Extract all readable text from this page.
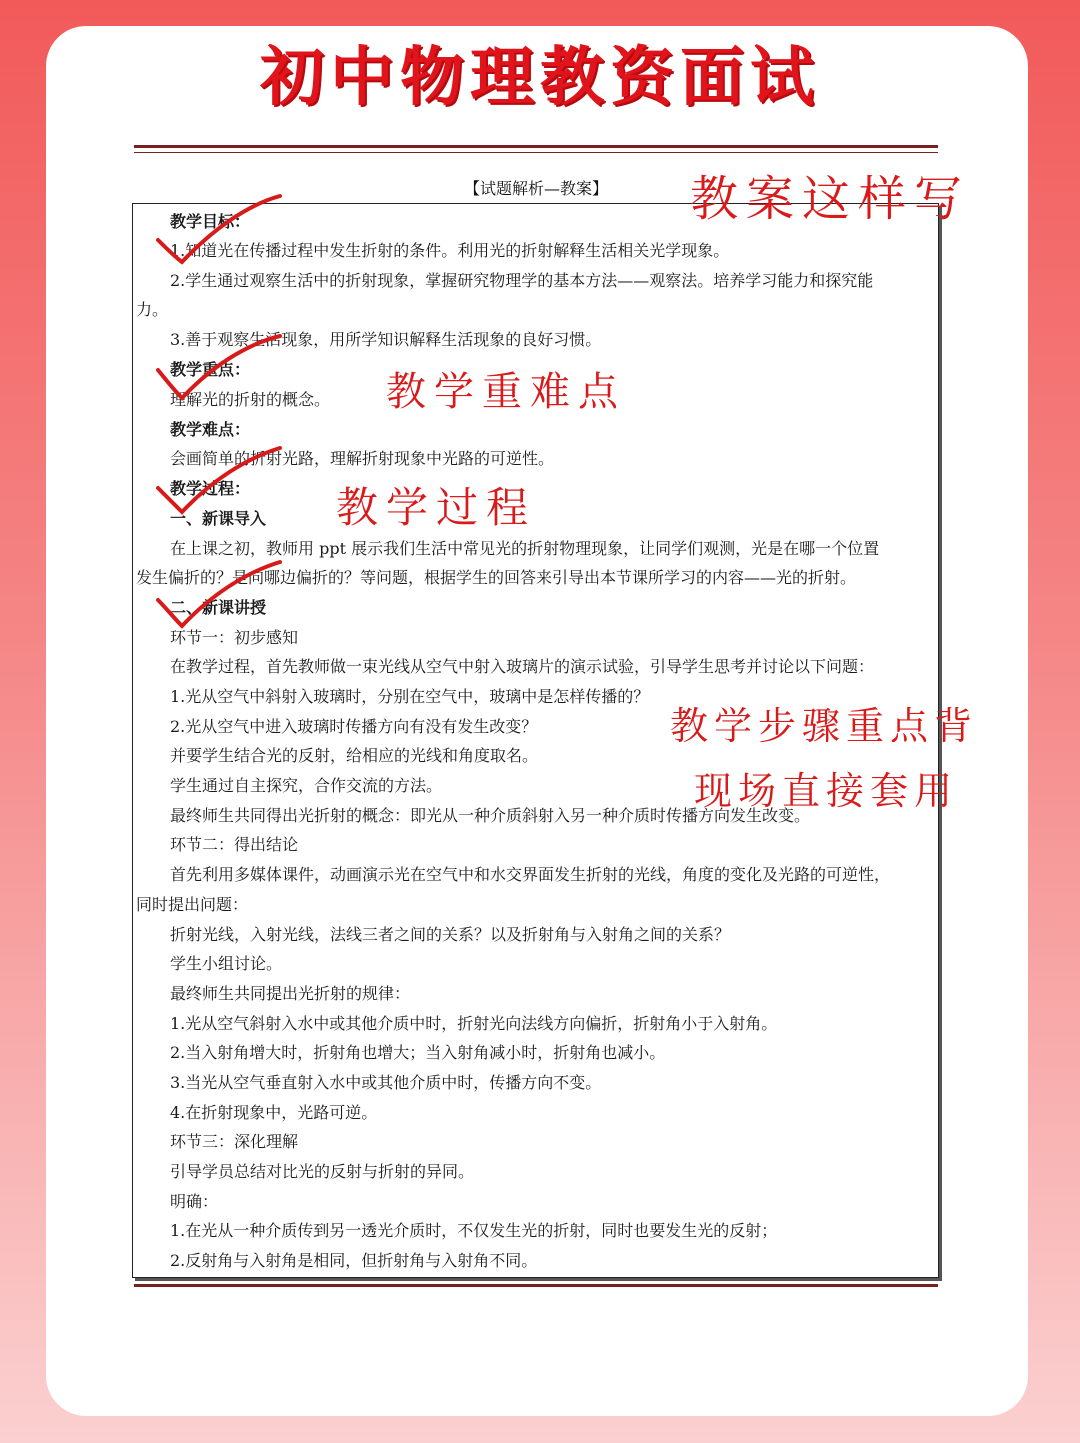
初中物理教资面试
【试题解析—教案】
教学目标：
1.知道光在传播过程中发生折射的条件。利用光的折射解释生活相关光学现象。
2.学生通过观察生活中的折射现象，掌握研究物理学的基本方法——观察法。培养学习能力和探究能
力。
3.善于观察生活现象，用所学知识解释生活现象的良好习惯。
教学重点：
理解光的折射的概念。
教学难点：
会画简单的折射光路，理解折射现象中光路的可逆性。
教学过程：
一、新课导入
在上课之初，教师用 ppt 展示我们生活中常见光的折射物理现象，让同学们观测，光是在哪一个位置
发生偏折的？是向哪边偏折的？等问题，根据学生的回答来引导出本节课所学习的内容——光的折射。
二、新课讲授
环节一：初步感知
在教学过程，首先教师做一束光线从空气中射入玻璃片的演示试验，引导学生思考并讨论以下问题：
1.光从空气中斜射入玻璃时，分别在空气中，玻璃中是怎样传播的？
2.光从空气中进入玻璃时传播方向有没有发生改变？
并要学生结合光的反射，给相应的光线和角度取名。
学生通过自主探究，合作交流的方法。
最终师生共同得出光折射的概念：即光从一种介质斜射入另一种介质时传播方向发生改变。
环节二：得出结论
首先利用多媒体课件，动画演示光在空气中和水交界面发生折射的光线，角度的变化及光路的可逆性，
同时提出问题：
折射光线，入射光线，法线三者之间的关系？以及折射角与入射角之间的关系？
学生小组讨论。
最终师生共同提出光折射的规律：
1.光从空气斜射入水中或其他介质中时，折射光向法线方向偏折，折射角小于入射角。
2.当入射角增大时，折射角也增大；当入射角减小时，折射角也减小。
3.当光从空气垂直射入水中或其他介质中时，传播方向不变。
4.在折射现象中，光路可逆。
环节三：深化理解
引导学员总结对比光的反射与折射的异同。
明确：
1.在光从一种介质传到另一透光介质时，不仅发生光的折射，同时也要发生光的反射；
2.反射角与入射角是相同，但折射角与入射角不同。
教案这样写
教学重难点
教学过程
教学步骤重点背
现场直接套用
